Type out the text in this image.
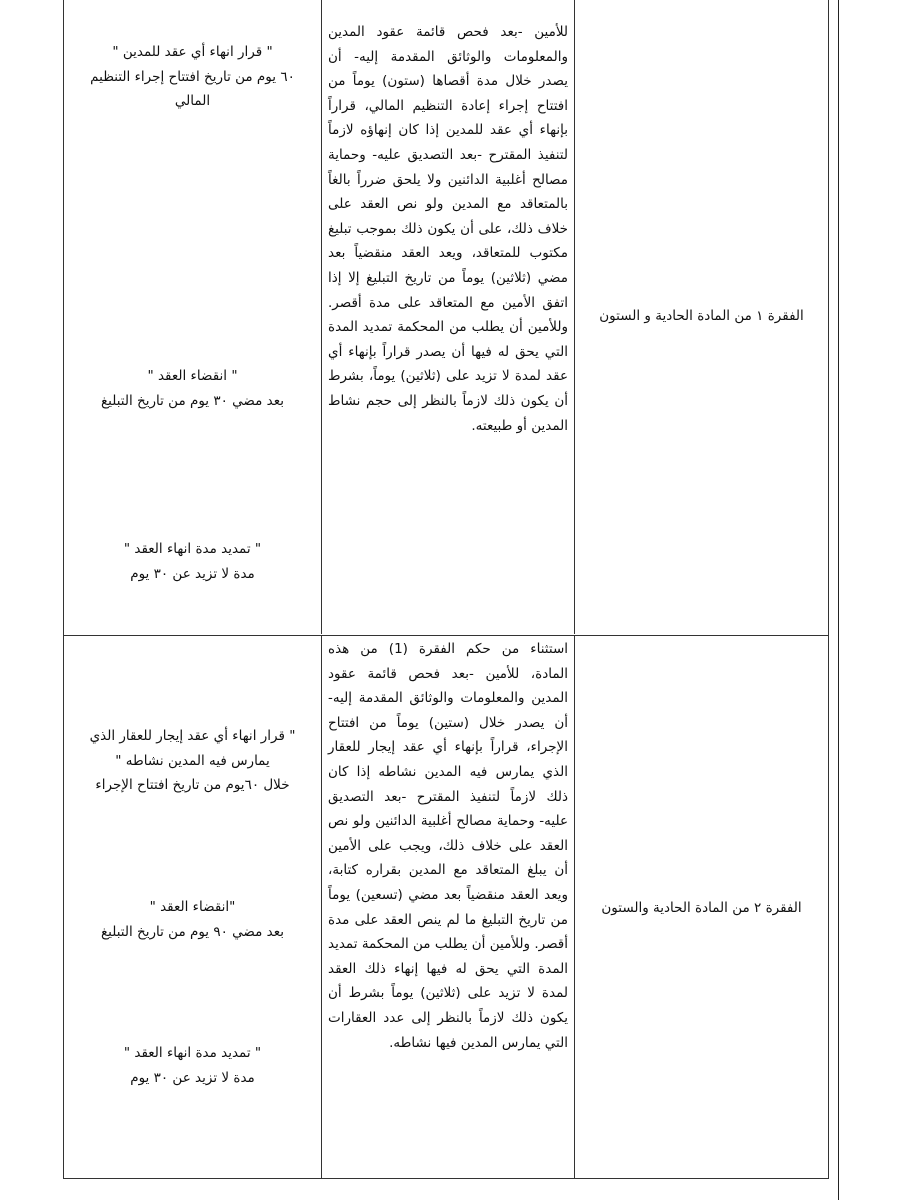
الفقرة ١ من المادة الحادية و الستون
للأمين -بعد فحص قائمة عقود المدين والمعلومات والوثائق المقدمة إليه- أن يصدر خلال مدة أقصاها (ستون) يوماً من افتتاح إجراء إعادة التنظيم المالي، قراراً بإنهاء أي عقد للمدين إذا كان إنهاؤه لازماً لتنفيذ المقترح -بعد التصديق عليه- وحماية مصالح أغلبية الدائنين ولا يلحق ضرراً بالغاً بالمتعاقد مع المدين ولو نص العقد على خلاف ذلك، على أن يكون ذلك بموجب تبليغ مكتوب للمتعاقد، ويعد العقد منقضياً بعد مضي (ثلاثين) يوماً من تاريخ التبليغ إلا إذا اتفق الأمين مع المتعاقد على مدة أقصر. وللأمين أن يطلب من المحكمة تمديد المدة التي يحق له فيها أن يصدر قراراً بإنهاء أي عقد لمدة لا تزيد على (ثلاثين) يوماً، بشرط أن يكون ذلك لازماً بالنظر إلى حجم نشاط المدين أو طبيعته.
" قرار انهاء أي عقد للمدين "
٦٠ يوم من تاريخ افتتاح إجراء التنظيم المالي
" انقضاء العقد "
بعد مضي ٣٠ يوم من تاريخ التبليغ
" تمديد مدة انهاء العقد "
مدة لا تزيد عن ٣٠ يوم
الفقرة ٢ من المادة الحادية والستون
استثناء من حكم الفقرة (1) من هذه المادة، للأمين -بعد فحص قائمة عقود المدين والمعلومات والوثائق المقدمة إليه- أن يصدر خلال (ستين) يوماً من افتتاح الإجراء، قراراً بإنهاء أي عقد إيجار للعقار الذي يمارس فيه المدين نشاطه إذا كان ذلك لازماً لتنفيذ المقترح -بعد التصديق عليه- وحماية مصالح أغلبية الدائنين ولو نص العقد على خلاف ذلك، ويجب على الأمين أن يبلغ المتعاقد مع المدين بقراره كتابة، ويعد العقد منقضياً بعد مضي (تسعين) يوماً من تاريخ التبليغ ما لم ينص العقد على مدة أقصر. وللأمين أن يطلب من المحكمة تمديد المدة التي يحق له فيها إنهاء ذلك العقد لمدة لا تزيد على (ثلاثين) يوماً بشرط أن يكون ذلك لازماً بالنظر إلى عدد العقارات التي يمارس المدين فيها نشاطه.
" قرار انهاء أي عقد إيجار للعقار الذي يمارس فيه المدين نشاطه "
خلال ٦٠يوم من تاريخ افتتاح الإجراء
"انقضاء العقد "
بعد مضي ٩٠ يوم من تاريخ التبليغ
" تمديد مدة انهاء العقد "
مدة لا تزيد عن ٣٠ يوم
